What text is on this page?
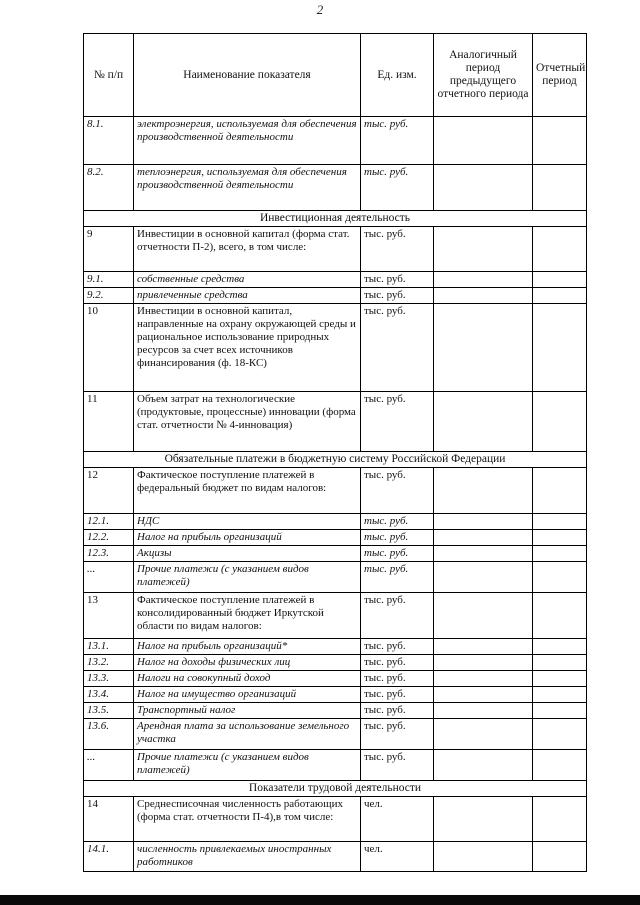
2
№ п/п	Наименование показателя	Ед. изм.	Аналогичный период предыдущего отчетного периода	Отчетный период
8.1.	электроэнергия, используемая для обеспечения производственной деятельности	тыс. руб.		
8.2.	теплоэнергия, используемая для обеспечения производственной деятельности	тыс. руб.		
Инвестиционная деятельность				
9	Инвестиции в основной капитал (форма стат. отчетности П-2), всего, в том числе:	тыс. руб.		
9.1.	собственные средства	тыс. руб.		
9.2.	привлеченные средства	тыс. руб.		
10	Инвестиции в основной капитал, направленные на охрану окружающей среды и рациональное использование природных ресурсов за счет всех источников финансирования (ф. 18-КС)	тыс. руб.		
11	Объем затрат на технологические (продуктовые, процессные) инновации (форма стат. отчетности № 4-инновация)	тыс. руб.		
Обязательные платежи в бюджетную систему Российской Федерации				
12	Фактическое поступление платежей в федеральный бюджет по видам налогов:	тыс. руб.		
12.1.	НДС	тыс. руб.		
12.2.	Налог на прибыль организаций	тыс. руб.		
12.3.	Акцизы	тыс. руб.		
...	Прочие платежи (с указанием видов платежей)	тыс. руб.		
13	Фактическое поступление платежей в консолидированный бюджет Иркутской области по видам налогов:	тыс. руб.		
13.1.	Налог на прибыль организаций*	тыс. руб.		
13.2.	Налог на доходы физических лиц	тыс. руб.		
13.3.	Налоги на совокупный доход	тыс. руб.		
13.4.	Налог на имущество организаций	тыс. руб.		
13.5.	Транспортный налог	тыс. руб.		
13.6.	Арендная плата за использование земельного участка	тыс. руб.		
...	Прочие платежи (с указанием видов платежей)	тыс. руб.		
Показатели трудовой деятельности				
14	Среднесписочная численность работающих (форма стат. отчетности П-4),в том числе:	чел.		
14.1.	численность привлекаемых иностранных работников	чел.		
